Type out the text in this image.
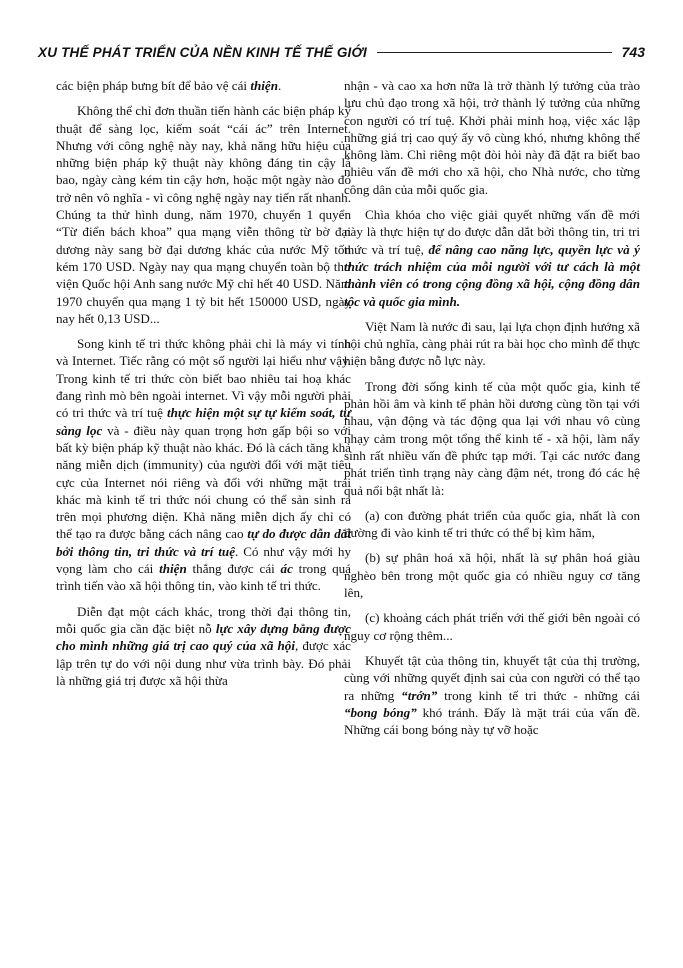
XU THẾ PHÁT TRIỂN CỦA NỀN KINH TẾ THẾ GIỚI	743

các biện pháp bưng bít để bảo vệ cái thiện.

Không thể chỉ đơn thuần tiến hành các biện pháp kỹ thuật để sàng lọc, kiểm soát “cái ác” trên Internet. Nhưng với công nghệ này nay, khả năng hữu hiệu của những biện pháp kỹ thuật này không đáng tin cậy là bao, ngày càng kém tin cậy hơn, hoặc một ngày nào đó trở nên vô nghĩa - vì công nghệ ngày nay tiến rất nhanh. Chúng ta thử hình dung, năm 1970, chuyển 1 quyển “Từ điển bách khoa” qua mạng viễn thông từ bờ đại dương này sang bờ đại dương khác của nước Mỹ tốn kém 170 USD. Ngày nay qua mạng chuyển toàn bộ thư viện Quốc hội Anh sang nước Mỹ chỉ hết 40 USD. Năm 1970 chuyển qua mạng 1 tỷ bit hết 150000 USD, ngày nay hết 0,13 USD...

Song kinh tế tri thức không phải chỉ là máy vi tính và Internet. Tiếc rằng có một số người lại hiểu như vậy. Trong kinh tế tri thức còn biết bao nhiêu tai hoạ khác đang rình mò bên ngoài internet. Vì vậy mỗi người phải có tri thức và trí tuệ thực hiện một sự tự kiểm soát, tự sàng lọc và - điều này quan trọng hơn gấp bội so với bất kỳ biện pháp kỹ thuật nào khác. Đó là cách tăng khả năng miễn dịch (immunity) của người đối với mặt tiêu cực của Internet nói riêng và đối với những mặt trái khác mà kinh tế tri thức nói chung có thể sản sinh ra trên mọi phương diện. Khả năng miễn dịch ấy chỉ có thể tạo ra được bằng cách nâng cao tự do được dẫn dắt bởi thông tin, tri thức và trí tuệ. Có như vậy mới hy vọng làm cho cái thiện thắng được cái ác trong quá trình tiến vào xã hội thông tin, vào kinh tế tri thức.

Diễn đạt một cách khác, trong thời đại thông tin, mỗi quốc gia cần đặc biệt nỗ lực xây dựng bằng được cho mình những giá trị cao quý của xã hội, được xác lập trên tự do với nội dung như vừa trình bày. Đó phải là những giá trị được xã hội thừa

nhận - và cao xa hơn nữa là trở thành lý tưởng của trào lưu chủ đạo trong xã hội, trở thành lý tưởng của những con người có trí tuệ. Khởi phải minh hoạ, việc xác lập những giá trị cao quý ấy vô cùng khó, nhưng không thể không làm. Chỉ riêng một đòi hỏi này đã đặt ra biết bao nhiêu vấn đề mới cho xã hội, cho Nhà nước, cho từng công dân của mỗi quốc gia.

Chìa khóa cho việc giải quyết những vấn đề mới này là thực hiện tự do được dẫn dắt bởi thông tin, tri tri thức và trí tuệ, để nâng cao năng lực, quyền lực và ý thức trách nhiệm của mỗi người với tư cách là một thành viên có trong cộng đồng xã hội, cộng đồng dân tộc và quốc gia mình.

Việt Nam là nước đi sau, lại lựa chọn định hướng xã hội chủ nghĩa, càng phải rút ra bài học cho mình để thực hiện bằng được nỗ lực này.

Trong đời sống kinh tế của một quốc gia, kinh tế phản hồi âm và kinh tế phản hồi dương cùng tồn tại với nhau, vận động và tác động qua lại với nhau vô cùng nhạy cảm trong một tổng thể kinh tế - xã hội, làm nẩy sinh rất nhiều vấn đề phức tạp mới. Tại các nước đang phát triển tình trạng này càng đậm nét, trong đó các hệ quả nổi bật nhất là:

(a) con đường phát triển của quốc gia, nhất là con đường đi vào kinh tế tri thức có thể bị kìm hãm,

(b) sự phân hoá xã hội, nhất là sự phân hoá giàu nghèo bên trong một quốc gia có nhiều nguy cơ tăng lên,

(c) khoảng cách phát triển với thế giới bên ngoài có nguy cơ rộng thêm...

Khuyết tật của thông tin, khuyết tật của thị trường, cùng với những quyết định sai của con người có thể tạo ra những “trớn” trong kinh tế tri thức - những cái “bong bóng” khó tránh. Đấy là mặt trái của vấn đề. Những cái bong bóng này tự vỡ hoặc
